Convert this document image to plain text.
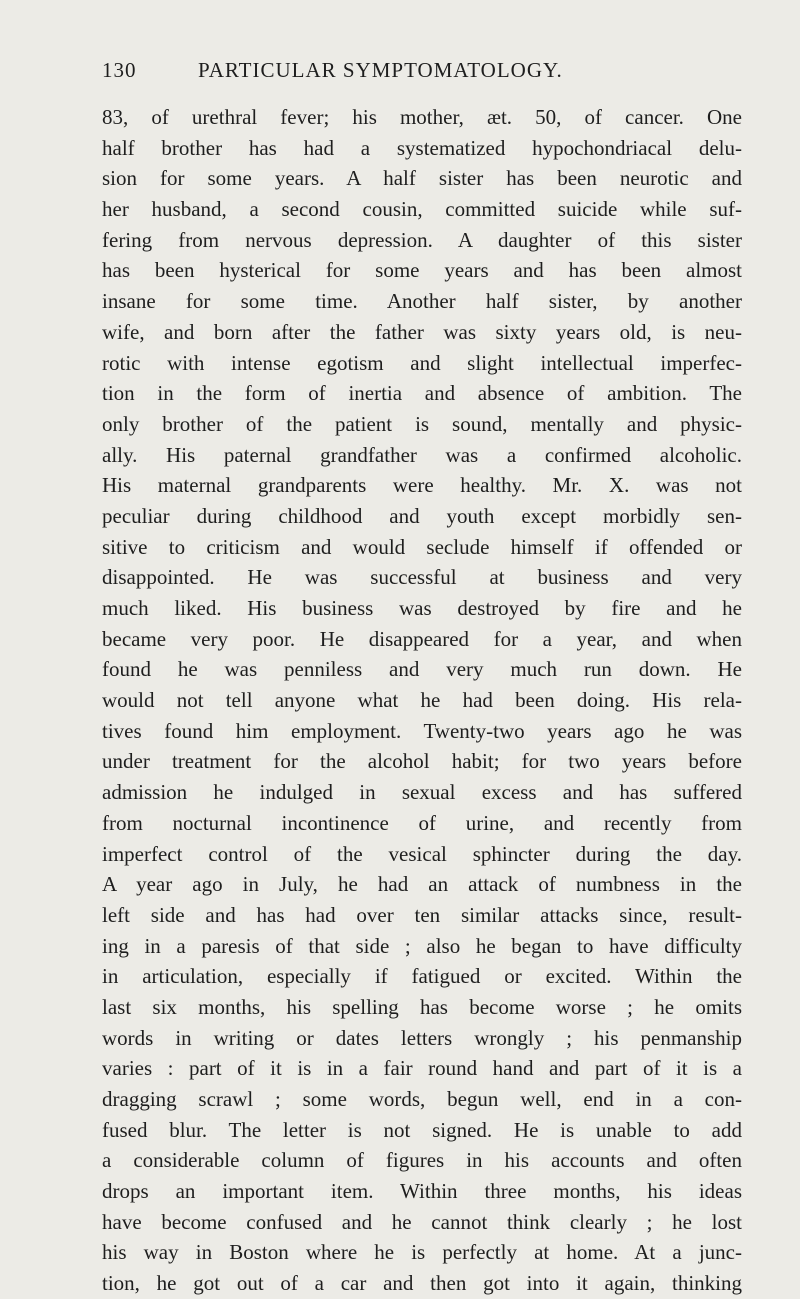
130	PARTICULAR SYMPTOMATOLOGY.
83, of urethral fever; his mother, æt. 50, of cancer. One
half brother has had a systematized hypochondriacal delu-
sion for some years. A half sister has been neurotic and
her husband, a second cousin, committed suicide while suf-
fering from nervous depression. A daughter of this sister
has been hysterical for some years and has been almost
insane for some time. Another half sister, by another
wife, and born after the father was sixty years old, is neu-
rotic with intense egotism and slight intellectual imperfec-
tion in the form of inertia and absence of ambition. The
only brother of the patient is sound, mentally and physic-
ally. His paternal grandfather was a confirmed alcoholic.
His maternal grandparents were healthy. Mr. X. was not
peculiar during childhood and youth except morbidly sen-
sitive to criticism and would seclude himself if offended or
disappointed. He was successful at business and very
much liked. His business was destroyed by fire and he
became very poor. He disappeared for a year, and when
found he was penniless and very much run down. He
would not tell anyone what he had been doing. His rela-
tives found him employment. Twenty-two years ago he was
under treatment for the alcohol habit; for two years before
admission he indulged in sexual excess and has suffered
from nocturnal incontinence of urine, and recently from
imperfect control of the vesical sphincter during the day.
A year ago in July, he had an attack of numbness in the
left side and has had over ten similar attacks since, result-
ing in a paresis of that side ; also he began to have difficulty
in articulation, especially if fatigued or excited. Within the
last six months, his spelling has become worse ; he omits
words in writing or dates letters wrongly ; his penmanship
varies : part of it is in a fair round hand and part of it is a
dragging scrawl ; some words, begun well, end in a con-
fused blur. The letter is not signed. He is unable to add
a considerable column of figures in his accounts and often
drops an important item. Within three months, his ideas
have become confused and he cannot think clearly ; he lost
his way in Boston where he is perfectly at home. At a junc-
tion, he got out of a car and then got into it again, thinking
